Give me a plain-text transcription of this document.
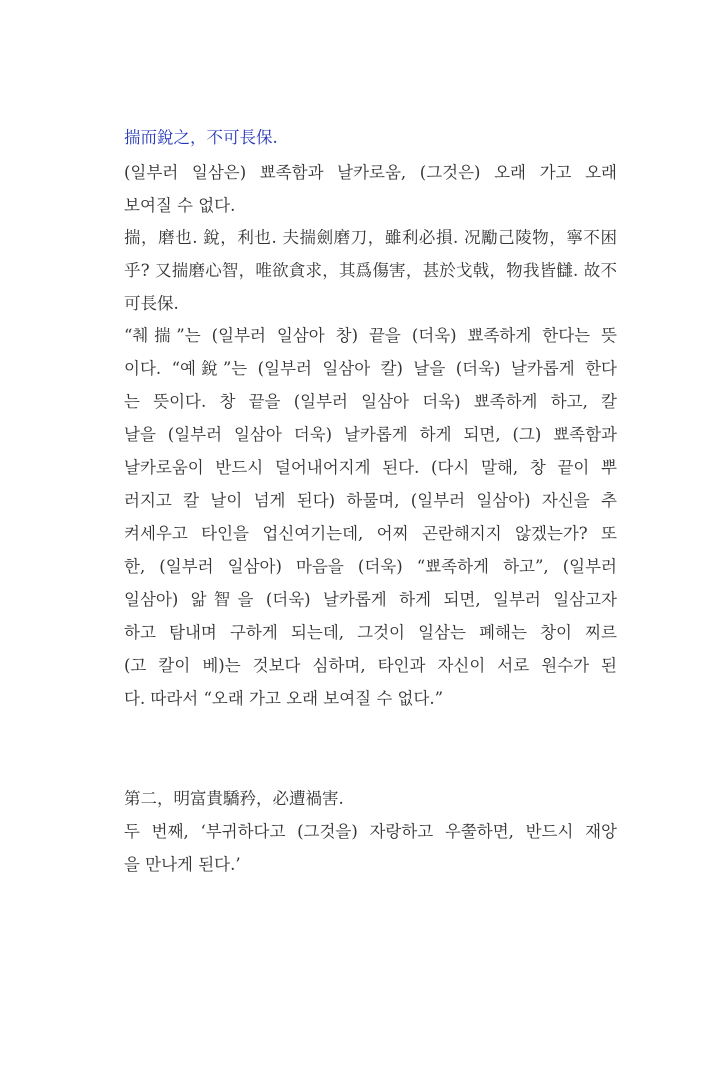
揣而銳之，不可長保.
(일부러 일삼은) 뾰족함과 날카로움, (그것은) 오래 가고 오래
보여질 수 없다.
揣，磨也. 銳，利也. 夫揣劍磨刀，雖利必損. 况勵己陵物，寧不困
乎? 又揣磨心智，唯欲貪求，其爲傷害，甚於戈戟，物我皆讎. 故不
可長保.
“췌揣”는 (일부러 일삼아 창) 끝을 (더욱) 뾰족하게 한다는 뜻
이다. “예銳”는 (일부러 일삼아 칼) 날을 (더욱) 날카롭게 한다
는 뜻이다. 창 끝을 (일부러 일삼아 더욱) 뾰족하게 하고, 칼
날을 (일부러 일삼아 더욱) 날카롭게 하게 되면, (그) 뾰족함과
날카로움이 반드시 덜어내어지게 된다. (다시 말해, 창 끝이 뿌
러지고 칼 날이 넘게 된다) 하물며, (일부러 일삼아) 자신을 추
켜세우고 타인을 업신여기는데, 어찌 곤란해지지 않겠는가? 또
한, (일부러 일삼아) 마음을 (더욱) “뾰족하게 하고”, (일부러
일삼아) 앎智을 (더욱) 날카롭게 하게 되면, 일부러 일삼고자
하고 탐내며 구하게 되는데, 그것이 일삼는 폐해는 창이 찌르
(고 칼이 베)는 것보다 심하며, 타인과 자신이 서로 원수가 된
다. 따라서 “오래 가고 오래 보여질 수 없다.”
第二，明富貴驕矜，必遭禍害.
두 번째, ‘부귀하다고 (그것을) 자랑하고 우쭐하면, 반드시 재앙
을 만나게 된다.’
